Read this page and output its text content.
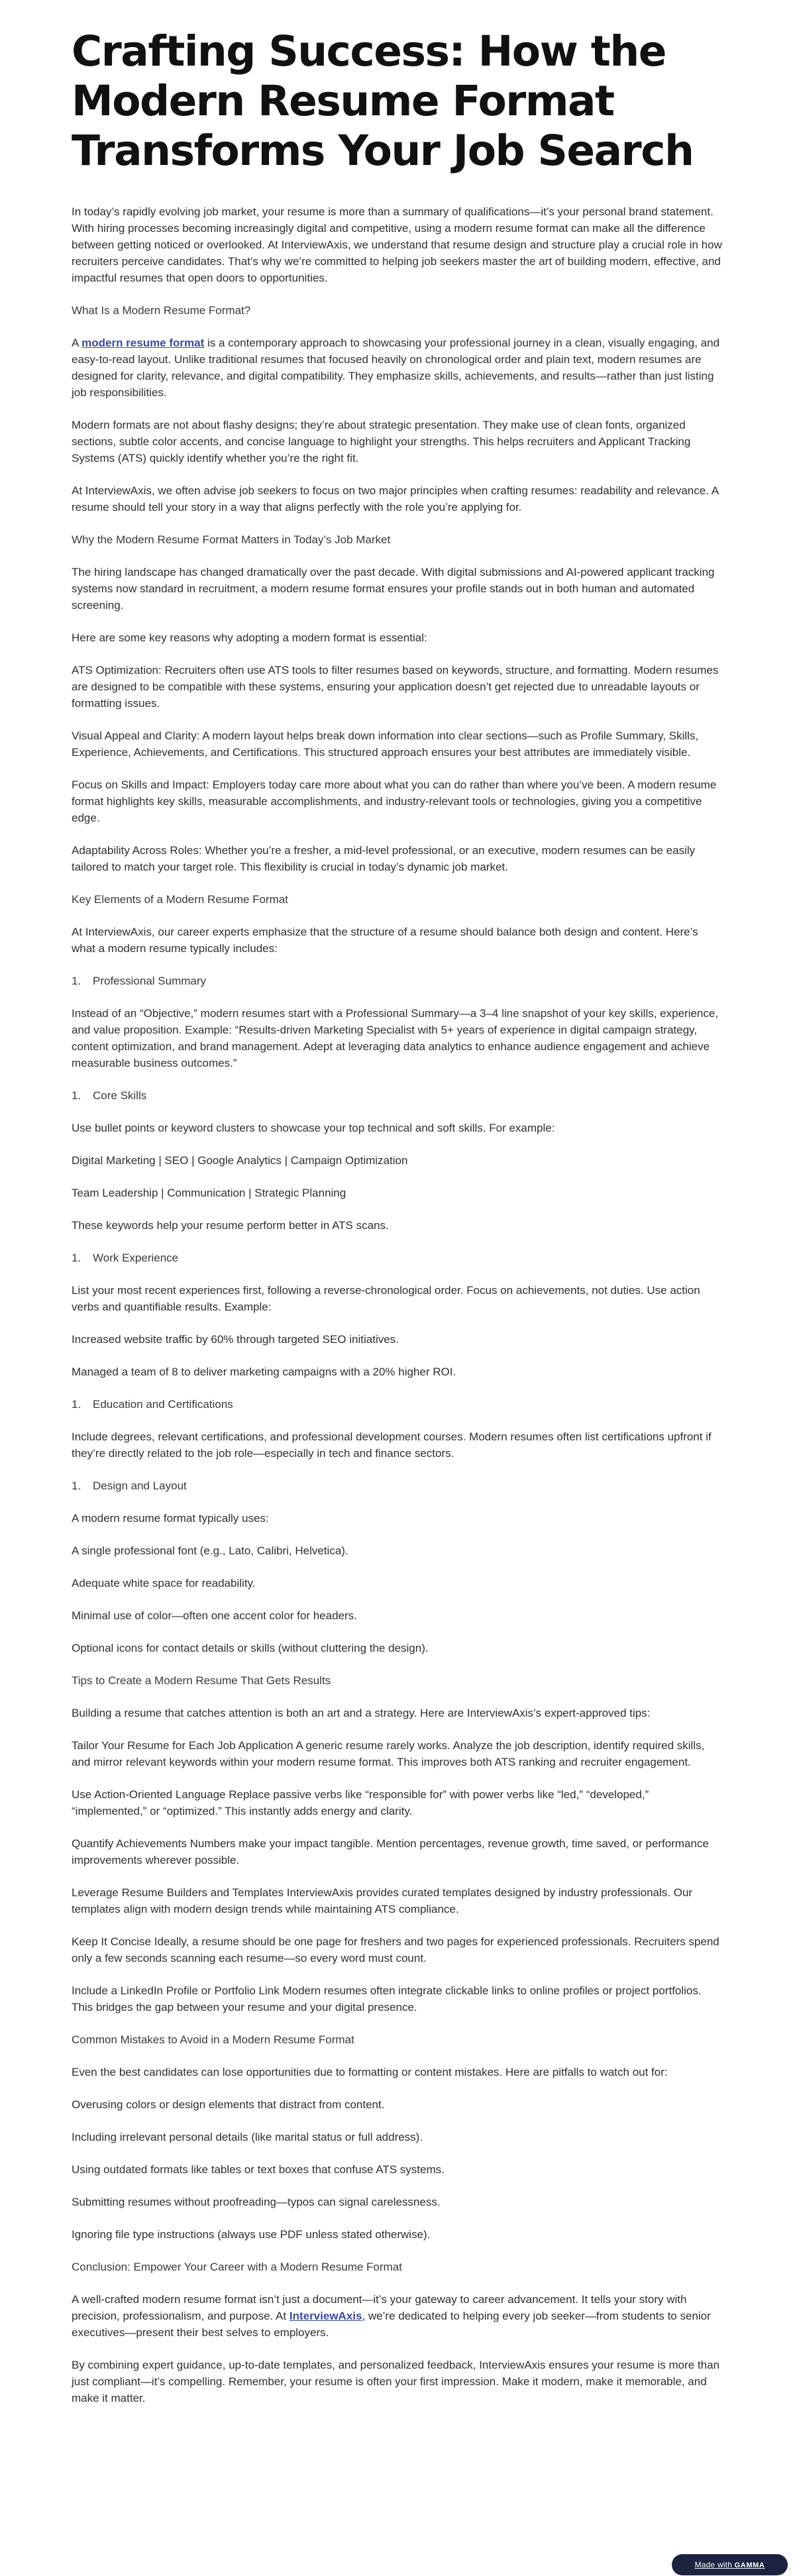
Crafting Success: How the Modern Resume Format Transforms Your Job Search

In today’s rapidly evolving job market, your resume is more than a summary of qualifications—it’s your personal brand statement. With hiring processes becoming increasingly digital and competitive, using a modern resume format can make all the difference between getting noticed or overlooked. At InterviewAxis, we understand that resume design and structure play a crucial role in how recruiters perceive candidates. That’s why we’re committed to helping job seekers master the art of building modern, effective, and impactful resumes that open doors to opportunities.

What Is a Modern Resume Format?

A modern resume format is a contemporary approach to showcasing your professional journey in a clean, visually engaging, and easy-to-read layout. Unlike traditional resumes that focused heavily on chronological order and plain text, modern resumes are designed for clarity, relevance, and digital compatibility. They emphasize skills, achievements, and results—rather than just listing job responsibilities.

Modern formats are not about flashy designs; they’re about strategic presentation. They make use of clean fonts, organized sections, subtle color accents, and concise language to highlight your strengths. This helps recruiters and Applicant Tracking Systems (ATS) quickly identify whether you’re the right fit.

At InterviewAxis, we often advise job seekers to focus on two major principles when crafting resumes: readability and relevance. A resume should tell your story in a way that aligns perfectly with the role you’re applying for.

Why the Modern Resume Format Matters in Today’s Job Market

The hiring landscape has changed dramatically over the past decade. With digital submissions and AI-powered applicant tracking systems now standard in recruitment, a modern resume format ensures your profile stands out in both human and automated screening.

Here are some key reasons why adopting a modern format is essential:

ATS Optimization: Recruiters often use ATS tools to filter resumes based on keywords, structure, and formatting. Modern resumes are designed to be compatible with these systems, ensuring your application doesn’t get rejected due to unreadable layouts or formatting issues.

Visual Appeal and Clarity: A modern layout helps break down information into clear sections—such as Profile Summary, Skills, Experience, Achievements, and Certifications. This structured approach ensures your best attributes are immediately visible.

Focus on Skills and Impact: Employers today care more about what you can do rather than where you’ve been. A modern resume format highlights key skills, measurable accomplishments, and industry-relevant tools or technologies, giving you a competitive edge.

Adaptability Across Roles: Whether you’re a fresher, a mid-level professional, or an executive, modern resumes can be easily tailored to match your target role. This flexibility is crucial in today’s dynamic job market.

Key Elements of a Modern Resume Format

At InterviewAxis, our career experts emphasize that the structure of a resume should balance both design and content. Here’s what a modern resume typically includes:

1. Professional Summary

Instead of an “Objective,” modern resumes start with a Professional Summary—a 3–4 line snapshot of your key skills, experience, and value proposition. Example: “Results-driven Marketing Specialist with 5+ years of experience in digital campaign strategy, content optimization, and brand management. Adept at leveraging data analytics to enhance audience engagement and achieve measurable business outcomes.”

1. Core Skills

Use bullet points or keyword clusters to showcase your top technical and soft skills. For example:

Digital Marketing | SEO | Google Analytics | Campaign Optimization

Team Leadership | Communication | Strategic Planning

These keywords help your resume perform better in ATS scans.

1. Work Experience

List your most recent experiences first, following a reverse-chronological order. Focus on achievements, not duties. Use action verbs and quantifiable results. Example:

Increased website traffic by 60% through targeted SEO initiatives.

Managed a team of 8 to deliver marketing campaigns with a 20% higher ROI.

1. Education and Certifications

Include degrees, relevant certifications, and professional development courses. Modern resumes often list certifications upfront if they’re directly related to the job role—especially in tech and finance sectors.

1. Design and Layout

A modern resume format typically uses:

A single professional font (e.g., Lato, Calibri, Helvetica).

Adequate white space for readability.

Minimal use of color—often one accent color for headers.

Optional icons for contact details or skills (without cluttering the design).

Tips to Create a Modern Resume That Gets Results

Building a resume that catches attention is both an art and a strategy. Here are InterviewAxis’s expert-approved tips:

Tailor Your Resume for Each Job Application A generic resume rarely works. Analyze the job description, identify required skills, and mirror relevant keywords within your modern resume format. This improves both ATS ranking and recruiter engagement.

Use Action-Oriented Language Replace passive verbs like “responsible for” with power verbs like “led,” “developed,” “implemented,” or “optimized.” This instantly adds energy and clarity.

Quantify Achievements Numbers make your impact tangible. Mention percentages, revenue growth, time saved, or performance improvements wherever possible.

Leverage Resume Builders and Templates InterviewAxis provides curated templates designed by industry professionals. Our templates align with modern design trends while maintaining ATS compliance.

Keep It Concise Ideally, a resume should be one page for freshers and two pages for experienced professionals. Recruiters spend only a few seconds scanning each resume—so every word must count.

Include a LinkedIn Profile or Portfolio Link Modern resumes often integrate clickable links to online profiles or project portfolios. This bridges the gap between your resume and your digital presence.

Common Mistakes to Avoid in a Modern Resume Format

Even the best candidates can lose opportunities due to formatting or content mistakes. Here are pitfalls to watch out for:

Overusing colors or design elements that distract from content.

Including irrelevant personal details (like marital status or full address).

Using outdated formats like tables or text boxes that confuse ATS systems.

Submitting resumes without proofreading—typos can signal carelessness.

Ignoring file type instructions (always use PDF unless stated otherwise).

Conclusion: Empower Your Career with a Modern Resume Format

A well-crafted modern resume format isn’t just a document—it’s your gateway to career advancement. It tells your story with precision, professionalism, and purpose. At InterviewAxis, we’re dedicated to helping every job seeker—from students to senior executives—present their best selves to employers.

By combining expert guidance, up-to-date templates, and personalized feedback, InterviewAxis ensures your resume is more than just compliant—it’s compelling. Remember, your resume is often your first impression. Make it modern, make it memorable, and make it matter.

Made with GAMMA
